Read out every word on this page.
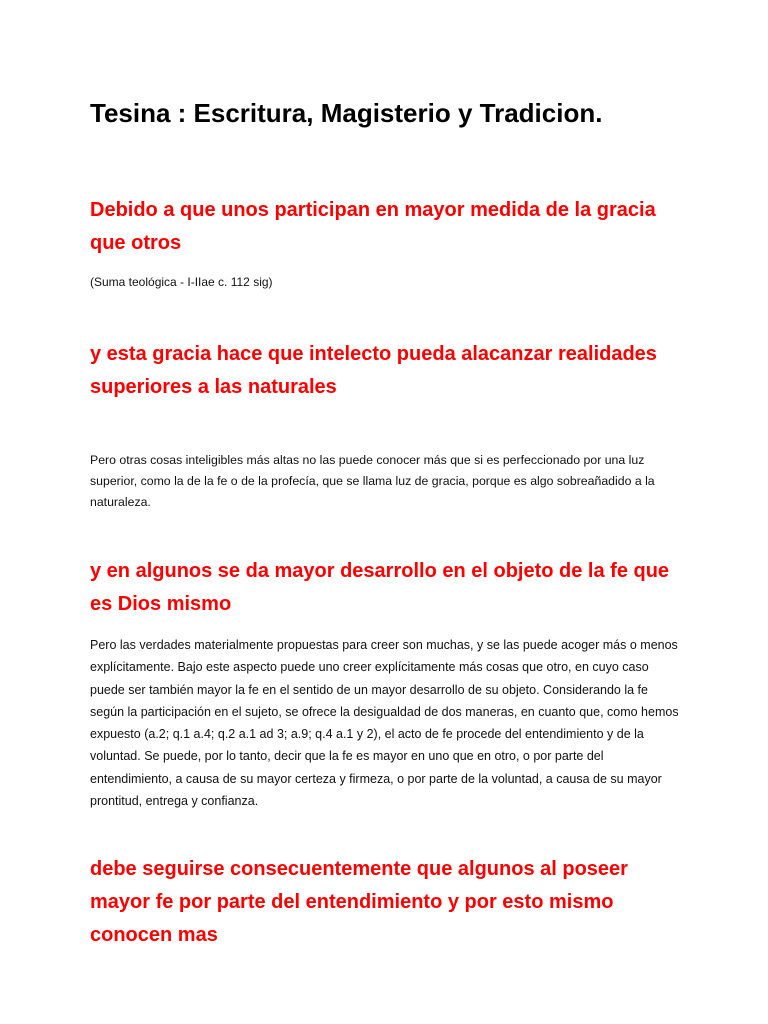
Tesina : Escritura, Magisterio y Tradicion.
Debido a que unos participan en mayor medida de la gracia que otros

(Suma teológica - I-IIae c. 112 sig)

y esta gracia hace que intelecto pueda alacanzar realidades superiores a las naturales

Pero otras cosas inteligibles más altas no las puede conocer más que si es perfeccionado por una luz superior, como la de la fe o de la profecía, que se llama luz de gracia, porque es algo sobreañadido a la naturaleza.

y en algunos se da mayor desarrollo en el objeto de la fe que es Dios mismo

Pero las verdades materialmente propuestas para creer son muchas, y se las puede acoger más o menos explícitamente. Bajo este aspecto puede uno creer explícitamente más cosas que otro, en cuyo caso puede ser también mayor la fe en el sentido de un mayor desarrollo de su objeto. Considerando la fe según la participación en el sujeto, se ofrece la desigualdad de dos maneras, en cuanto que, como hemos expuesto (a.2; q.1 a.4; q.2 a.1 ad 3; a.9; q.4 a.1 y 2), el acto de fe procede del entendimiento y de la voluntad. Se puede, por lo tanto, decir que la fe es mayor en uno que en otro, o por parte del entendimiento, a causa de su mayor certeza y firmeza, o por parte de la voluntad, a causa de su mayor prontitud, entrega y confianza.

debe seguirse consecuentemente que algunos al poseer mayor fe por parte del entendimiento y por esto mismo conocen mas
